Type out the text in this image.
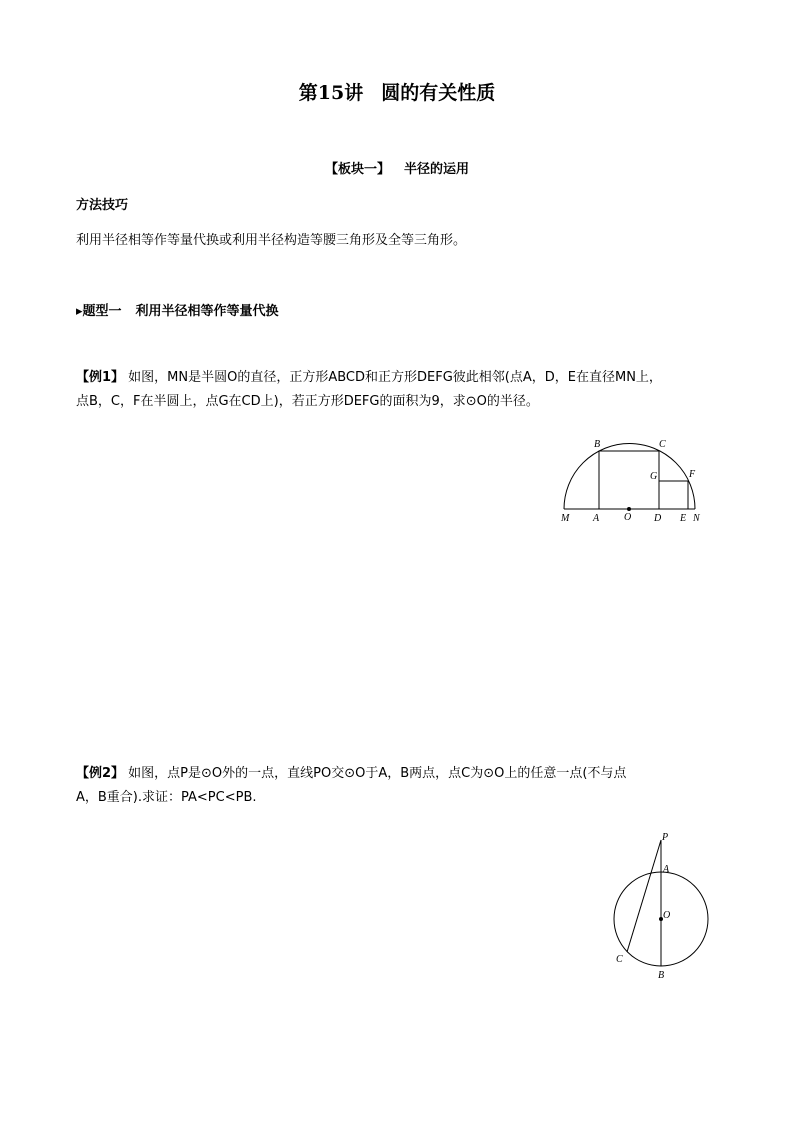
第15讲 圆的有关性质
【板块一】 半径的运用
方法技巧
利用半径相等作等量代换或利用半径构造等腰三角形及全等三角形。
▸题型一 利用半径相等作等量代换
【例1】 如图，MN是半圆O的直径，正方形ABCD和正方形DEFG彼此相邻(点A，D，E在直径MN上，
点B，C，F在半圆上，点G在CD上)，若正方形DEFG的面积为9，求⊙O的半径。
B	C
G	F
M A O D E N
【例2】 如图，点P是⊙O外的一点，直线PO交⊙O于A，B两点，点C为⊙O上的任意一点(不与点
A，B重合).求证：PA<PC<PB.
P
A
O
C
B
